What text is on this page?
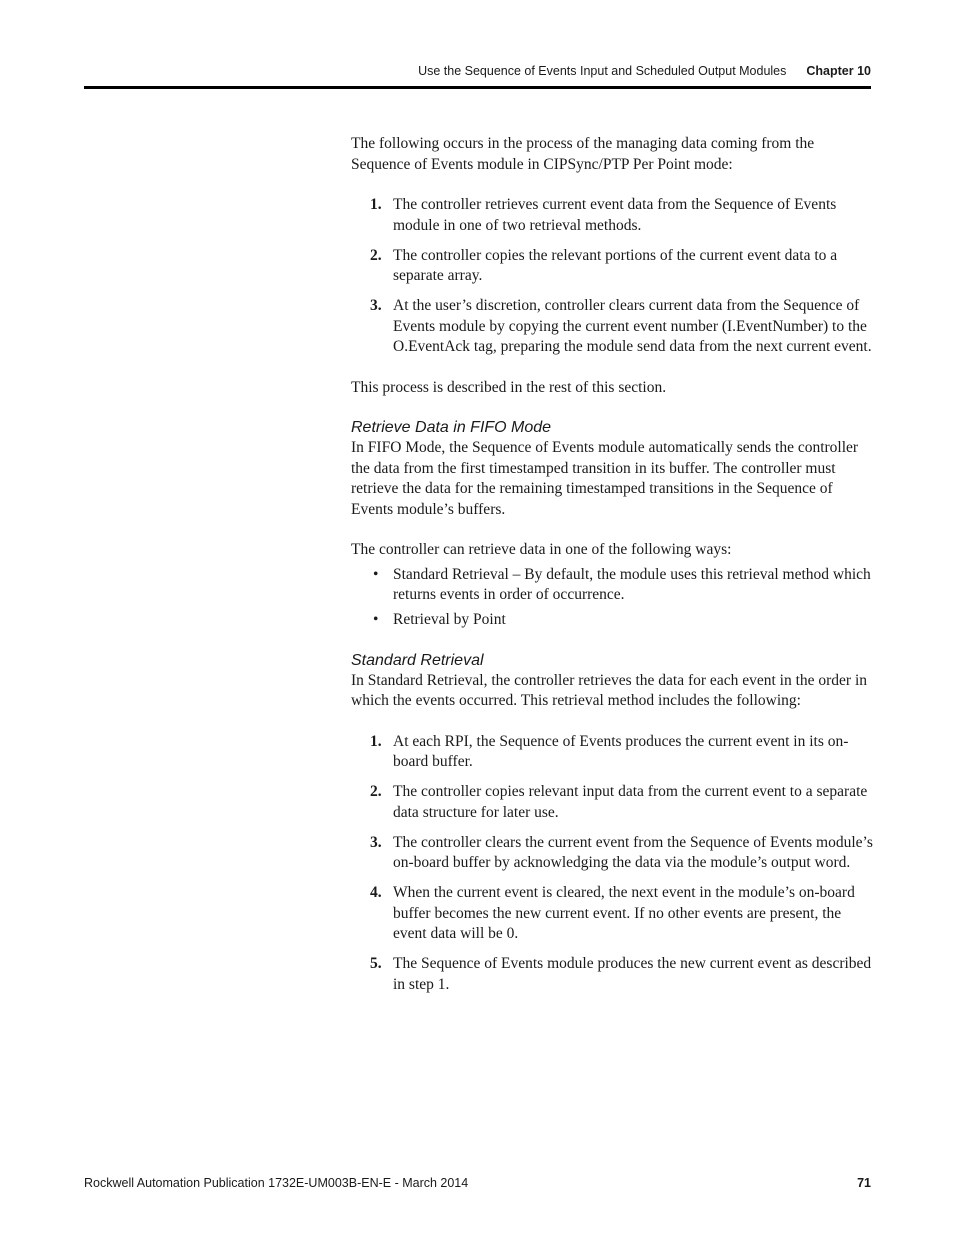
Use the Sequence of Events Input and Scheduled Output Modules Chapter 10

The following occurs in the process of the managing data coming from the Sequence of Events module in CIPSync/PTP Per Point mode:

1. The controller retrieves current event data from the Sequence of Events module in one of two retrieval methods.
2. The controller copies the relevant portions of the current event data to a separate array.
3. At the user’s discretion, controller clears current data from the Sequence of Events module by copying the current event number (I.EventNumber) to the O.EventAck tag, preparing the module send data from the next current event.

This process is described in the rest of this section.

Retrieve Data in FIFO Mode

In FIFO Mode, the Sequence of Events module automatically sends the controller the data from the first timestamped transition in its buffer. The controller must retrieve the data for the remaining timestamped transitions in the Sequence of Events module’s buffers.

The controller can retrieve data in one of the following ways:

• Standard Retrieval – By default, the module uses this retrieval method which returns events in order of occurrence.
• Retrieval by Point

Standard Retrieval

In Standard Retrieval, the controller retrieves the data for each event in the order in which the events occurred. This retrieval method includes the following:

1. At each RPI, the Sequence of Events produces the current event in its on-board buffer.
2. The controller copies relevant input data from the current event to a separate data structure for later use.
3. The controller clears the current event from the Sequence of Events module’s on-board buffer by acknowledging the data via the module’s output word.
4. When the current event is cleared, the next event in the module’s on-board buffer becomes the new current event. If no other events are present, the event data will be 0.
5. The Sequence of Events module produces the new current event as described in step 1.
Rockwell Automation Publication 1732E-UM003B-EN-E - March 2014	71
